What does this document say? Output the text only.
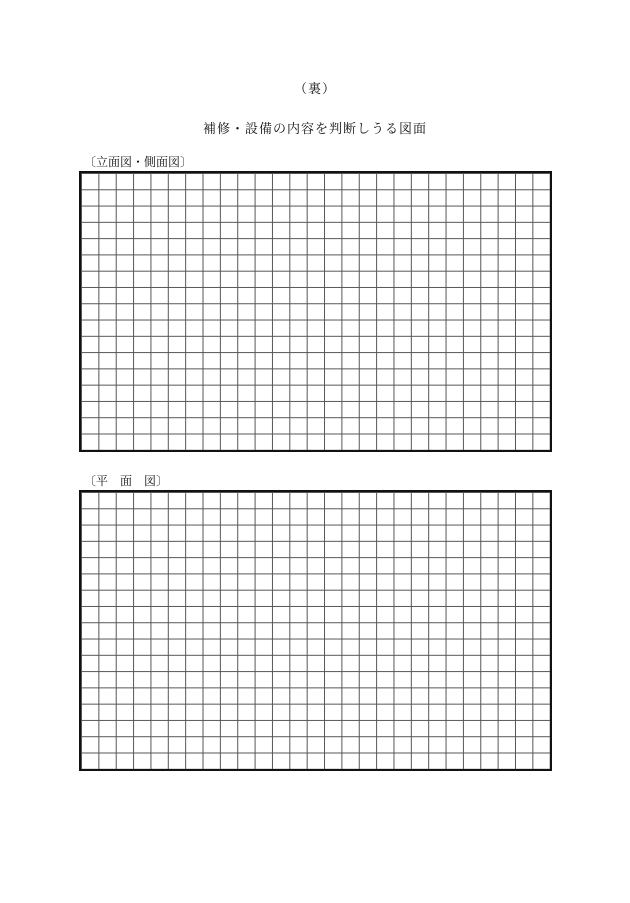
（裏）
補修・設備の内容を判断しうる図面
〔立面図・側面図〕
〔平　面　図〕
